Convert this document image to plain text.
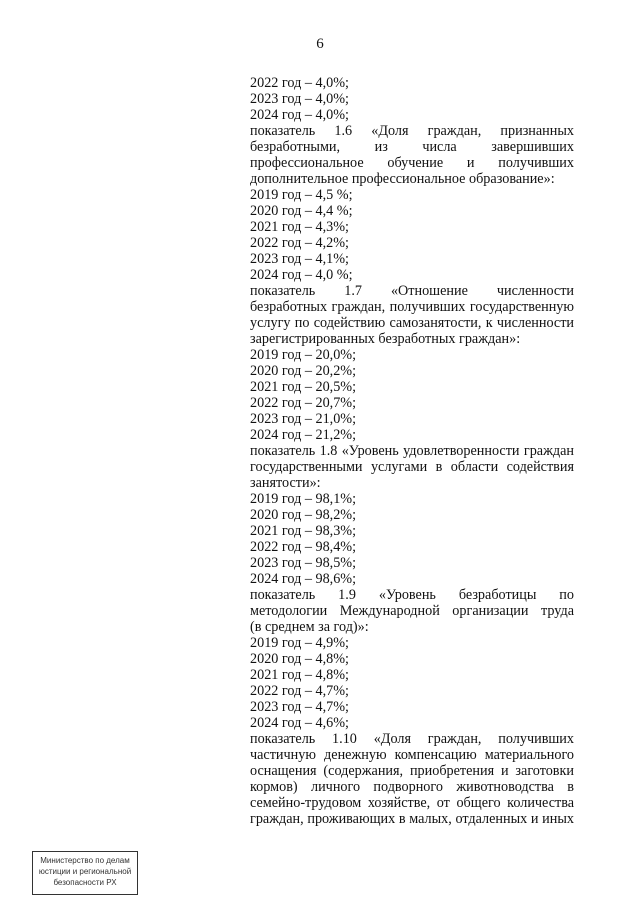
6
2022 год – 4,0%;
2023 год – 4,0%;
2024 год – 4,0%;
показатель 1.6 «Доля граждан, признанных
безработными, из числа завершивших
профессиональное обучение и получивших
дополнительное профессиональное образование»:
2019 год – 4,5 %;
2020 год – 4,4 %;
2021 год – 4,3%;
2022 год – 4,2%;
2023 год – 4,1%;
2024 год – 4,0 %;
показатель 1.7 «Отношение численности
безработных граждан, получивших государственную
услугу по содействию самозанятости, к численности
зарегистрированных безработных граждан»:
2019 год – 20,0%;
2020 год – 20,2%;
2021 год – 20,5%;
2022 год – 20,7%;
2023 год – 21,0%;
2024 год – 21,2%;
показатель 1.8 «Уровень удовлетворенности граждан
государственными услугами в области содействия
занятости»:
2019 год – 98,1%;
2020 год – 98,2%;
2021 год – 98,3%;
2022 год – 98,4%;
2023 год – 98,5%;
2024 год – 98,6%;
показатель 1.9 «Уровень безработицы по
методологии Международной организации труда
(в среднем за год)»:
2019 год – 4,9%;
2020 год – 4,8%;
2021 год – 4,8%;
2022 год – 4,7%;
2023 год – 4,7%;
2024 год – 4,6%;
показатель 1.10 «Доля граждан, получивших
частичную денежную компенсацию материального
оснащения (содержания, приобретения и заготовки
кормов) личного подворного животноводства в
семейно-трудовом хозяйстве, от общего количества
граждан, проживающих в малых, отдаленных и иных
Министерство по делам
юстиции и региональной
безопасности РХ
